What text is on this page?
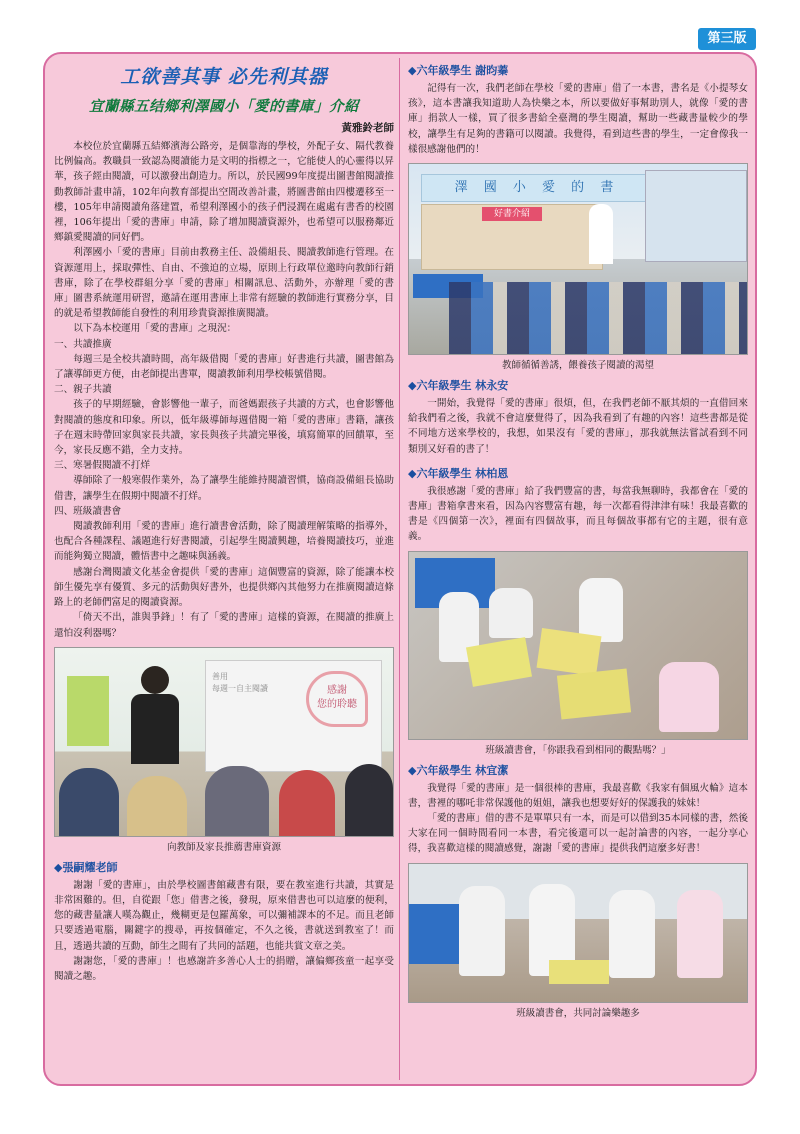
第三版
工欲善其事 必先利其器
宜蘭縣五结鄉利澤國小「愛的書庫」介紹
黃雅鈴老師

本校位於宜蘭縣五結鄉濱海公路旁，是個靠海的學校，外配子女、隔代教養比例偏高。教職員一致認為閱讀能力是文明的指標之一，它能使人的心靈得以昇華，孩子經由閱讀，可以激發出創造力。所以，於民國99年度提出圖書館閱讀推動教師計畫申請，102年向教育部提出空間改善計畫，將圖書館由四樓遷移至一樓，105年申請閱讀角落建置，希望利澤國小的孩子們浸潤在處處有書香的校園裡，106年提出「愛的書庫」申請，除了增加閱讀資源外，也希望可以服務鄰近鄉鎮愛閱讀的同好們。

利澤國小「愛的書庫」目前由教務主任、設備組長、閱讀教師進行管理。在資源運用上，採取彈性、自由、不強迫的立場，原則上行政單位邀時向教師行銷書庫，除了在學校群組分享「愛的書庫」相關訊息、活動外，亦辦理「愛的書庫」圖書系統運用研習，邀請在運用書庫上非常有經驗的教師進行實務分享，目的就是希望教師能自發性的利用珍貴資源推廣閱讀。

以下為本校運用「愛的書庫」之現況：

一、共讀推廣

每週三是全校共讀時間，高年級借閱「愛的書庫」好書進行共讀，圖書館為了讓導師更方便，由老師提出書單，閱讀教師利用學校帳號借閱。

二、親子共讀

孩子的早期經驗，會影響他一輩子，而爸媽跟孩子共讀的方式，也會影響他對閱讀的態度和印象。所以，低年級導師每週借閱一箱「愛的書庫」書籍，讓孩子在週末時帶回家與家長共讀，家長與孩子共讀完畢後，填寫簡單的回饋單，至今，家長反應不錯，全力支持。

三、寒暑假閱讀不打烊

導師除了一般寒假作業外，為了讓學生能維持閱讀習慣，協商設備組長協助借書，讓學生在假期中閱讀不打烊。

四、班級讀書會

閱讀教師利用「愛的書庫」進行讀書會活動，除了閱讀理解策略的指導外，也配合各種課程、議題進行好書閱讀，引起學生閱讀興趣，培養閱讀技巧，並進而能夠獨立閱讀，體悟書中之趣味與涵義。

感謝台灣閱讀文化基金會提供「愛的書庫」這個豐富的資源，除了能讓本校師生優先享有優質、多元的活動與好書外，也提供鄉內其他努力在推廣閱讀這條路上的老師們富足的閱讀資源。

「倚天不出，誰與爭鋒」！有了「愛的書庫」這樣的資源，在閱讀的推廣上還怕沒利器嗎？

善用
每週一自主閱讀	感謝
您的聆聽
向教師及家長推薦書庫資源
◆張嗣耀老師

謝謝「愛的書庫」，由於學校圖書館藏書有限，要在教室進行共讀，其實是非常困難的。但，自從跟「您」借書之後，發現，原來借書也可以這麼的便利，您的藏書量讓人嘆為觀止，幾糊更是包羅萬象，可以彌補課本的不足。而且老師只要透過電腦，關鍵字的搜尋，再按個確定，不久之後，書就送到教室了！而且，透過共讀的互動，師生之間有了共同的話題，也能共賞文章之美。

謝謝您，「愛的書庫」！也感謝許多善心人士的捐贈，讓偏鄉孩童一起享受閱讀之趣。

◆六年級學生 謝昀蓁

記得有一次，我們老師在學校「愛的書庫」借了一本書，書名是《小提琴女孩》，這本書讓我知道助人為快樂之本，所以要做好事幫助別人，就像「愛的書庫」捐款人一樣，買了很多書給全臺灣的學生閱讀，幫助一些藏書量較少的學校，讓學生有足夠的書籍可以閱讀。我覺得，看到這些書的學生，一定會像我一樣很感謝他們的！

澤 國 小 愛 的 書
好書介紹
教師循循善誘，餵養孩子閱讀的渴望
◆六年級學生 林永安

一開始，我覺得「愛的書庫」很煩，但，在我們老師不厭其煩的一直借回來給我們看之後，我就不會這麼覺得了，因為我看到了有趣的內容！這些書都是從不同地方送來學校的，我想，如果沒有「愛的書庫」，那我就無法嘗試看到不同類別又好看的書了！

◆六年級學生 林柏恩

我很感謝「愛的書庫」給了我們豐富的書，每當我無聊時，我都會在「愛的書庫」書箱拿書來看，因為內容豐富有趣，每一次都看得津津有味！我最喜歡的書是《四個第一次》，裡面有四個故事，而且每個故事都有它的主題，很有意義。

班級讀書會，「你跟我看到相同的觀點嗎？」
◆六年級學生 林宜潔

我覺得「愛的書庫」是一個很棒的書庫，我最喜歡《我家有個風火輪》這本書，書裡的哪吒非常保護他的姐姐，讓我也想要好好的保護我的妹妹！

「愛的書庫」借的書不是單單只有一本，而是可以借到35本同樣的書，然後大家在同一個時間看同一本書，看完後還可以一起討論書的內容，一起分享心得，我喜歡這樣的閱讀感覺，謝謝「愛的書庫」提供我們這麼多好書！

班級讀書會，共同討論樂趣多
